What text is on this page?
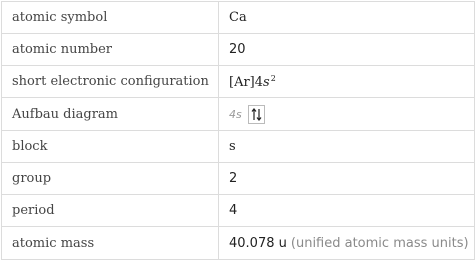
atomic symbol	Ca
atomic number	20
short electronic configuration	$[Ar]4s^2$
Aufbau diagram	4s

block	s
group	2
period	4
atomic mass	40.078 u (unified atomic mass units)
